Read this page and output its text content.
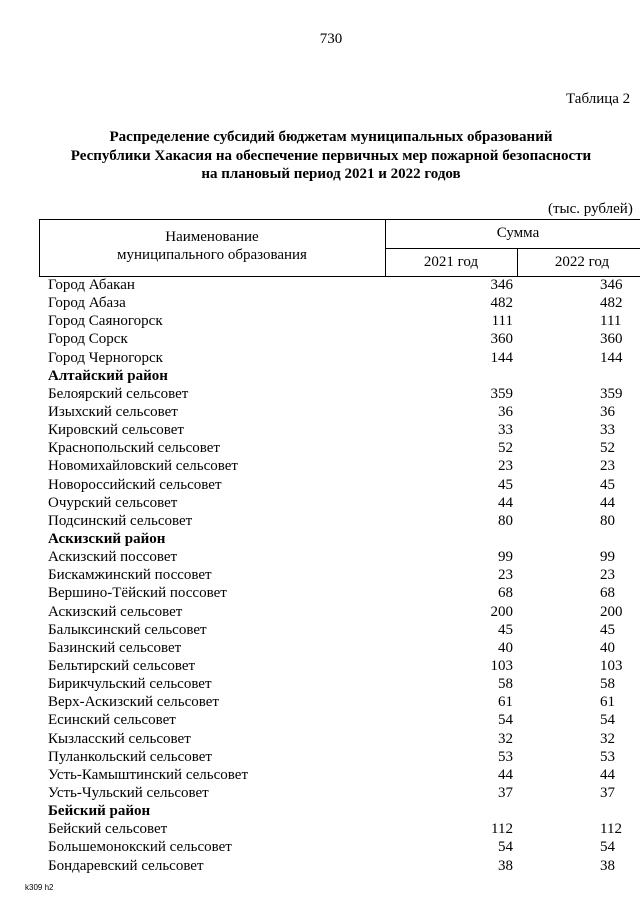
730
Таблица 2
Распределение субсидий бюджетам муниципальных образований
Республики Хакасия на обеспечение первичных мер пожарной безопасности
на плановый период 2021 и 2022 годов
(тыс. рублей)
Наименование
муниципального образования
Сумма
2021 год	2022 год
Город Абакан	346	346
Город Абаза	482	482
Город Саяногорск	111	111
Город Сорск	360	360
Город Черногорск	144	144
Алтайский район
Белоярский сельсовет	359	359
Изыхский сельсовет	36	36
Кировский сельсовет	33	33
Краснопольский сельсовет	52	52
Новомихайловский сельсовет	23	23
Новороссийский сельсовет	45	45
Очурский сельсовет	44	44
Подсинский сельсовет	80	80
Аскизский район
Аскизский поссовет	99	99
Бискамжинский поссовет	23	23
Вершино-Тёйский поссовет	68	68
Аскизский сельсовет	200	200
Балыксинский сельсовет	45	45
Базинский сельсовет	40	40
Бельтирский сельсовет	103	103
Бирикчульский сельсовет	58	58
Верх-Аскизский сельсовет	61	61
Есинский сельсовет	54	54
Кызласский сельсовет	32	32
Пуланкольский сельсовет	53	53
Усть-Камыштинский сельсовет	44	44
Усть-Чульский сельсовет	37	37
Бейский район
Бейский сельсовет	112	112
Большемонокский сельсовет	54	54
Бондаревский сельсовет	38	38
k309 h2
